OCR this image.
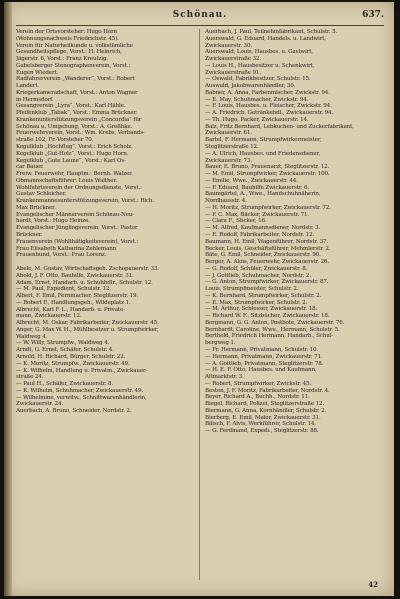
Schönau.	637.
Verein der Ortsvorsteher: Hugo Horn
(Wohnungsnachweis Friedrichstr. 45).
Verein für Naturheilkunde u. volkstümliche
Gesundheitspflege, Vorst.: H. Heinrich,
Jägerstr. 6, Vorst.: Franz Kreutzig.
Gabelsberger Stenographenverein, Vorst.:
Eugen Wiedert.
Radfahrerverein „Wanderer“, Vorst.: Robert
Landert.
Kriegerkameradschaft, Vorst.: Anton Wagner
in Hermsdorf.
Gesangverein „Lyra“, Vorst.: Karl Hähle.
Pfeifenklub „Tabak“, Vorst.: Emma Brückner.
Krankenunterstützungsverein „Concordia“ für
Schönau u. Umgebung, Vorst.: A. Greßhke.
Feuerwehrverein, Vorst.: Wm. Krebs, Verbands-
straße 102, Fr.-Vorsteher 70.
Kegelklub „Hochflug“, Vorst.: Erich Scholz.
Kegelklub „Gut-Holz“, Vorst.: Hugo Horn.
Kegelklub „Gute Laune“, Vorst.: Karl Os-
car Bauer.
Freiw. Feuerwehr, Hauptm.: Bernh. Walzer.
Obmannschaftsführer: Louis Walther.
Wohlfahrtsverein der Ordnungsdienste, Vorst.:
Gustav Schleicher.
Krankenmannesunterstützungsverein, Vorst.: Rich.
Max Brückner.
Evangelischer Männerverein Schönau-Neu-
hardt, Vorst.: Hugo Heinze.
Evangelischer Jünglingsverein, Vorst.: Pastor
Brückner.
Frauenverein (Wohlthätigkeitsverein), Vorst.:
Frau Elisabeth Katharina Zehlemann
Frauenbund, Vorst.: Frau Lorenz.
Abele, M. Gustav, Wirtschaftsgeh. Zschopauerstr. 33.
Abold, J. F. Otto, Bauhilfe, Zwickauerstr. 31.
Adam, Ernst, Handarb. u. Schuhhdlr., Schulstr. 12.
— M. Paul, Expedient, Schulstr. 12.
Albert, F. Emil, Fernmacher, Steglitzerstr. 19.
— Robert F., Handlungsgeh., Wildeplatz 1.
Albrecht, Karl F. L., Handarb. u. Private-
mann, Zwickauerstr. 12.
Albrecht, M. Oskar, Fabrikarbeiter, Zwickauerstr. 45.
Anger, G. Max W. H., Mühlbesitzer u. Strumpfwirker,
Waldweg 4.
— W. Willy, Strumpfw., Waldweg 4.
Arndt, G. Ernst, Schäfer, Schulstr. 4.
Arnold, H. Richard, Bürger, Schulstr. 22.
— K. Moritz, Strumpfw., Zwickauerstr. 49.
— K. Wilhelm, Handlung u. Privatm., Zwickauer-
straße 24.
— Paul H., Schäfer, Zwickauerstr. 8.
— K. Wilhelm, Schuhmacher, Zwickauerstr. 49.
— Wilhelmine, verwitw., Schnittwarenhändlerin,
Zwickauerstr. 24.
Auerbach, A. Bruno, Schneider, Nordstr. 2.
Auerbach, J. Paul, Teilnehmfabrikant, Schulstr. 5.
Auerswald, G. Eduard, Handels. u. Landwirt,
Zwickauerstr. 30.
Auerswald, Louis, Hausbes. u. Gastwirt,
Zwickauerstraße 32.
— Louis H., Hausbesitzer u. Schenkwirt,
Zwickauerstraße 91.
— Oswald, Fabrikbesitzer, Schulstr. 15.
Auswald, Jakobwarenhändler, 30.
Babner, A. Anna, Farbenmischer, Zwickstr. 94.
— E. May, Schuhmacher, Zwickstr. 94.
— F. Louis, Hausbes. u. Fleischer, Zwickstr. 94.
— A. Friedrich, Getränkehdl., Zwickauerstr. 94.
— Th. Hugo, Packer, Zwickauerstr. 14.
Balz, Fritz Bernhard, Lebkuchen- und Zuckerfabrikant,
Zwickauerstr. 61.
Bartel, F. Hermann, Strumpfwirkermeister,
Steglitzerstraße 12.
— A. Ulrich, Hausbes. und Friedensdiener,
Zwickauerstr. 73.
Bauer, E. Bruno, Frauenarzt, Steglitzerstr. 12.
— M. Emil, Strumpfwirker, Zwickauerstr. 100.
— Emilie, Wwe., Zwickauerstr. 44.
— F. Eduard, Bauhilfe Zwickauerstr. 6.
Baumgärtel, A., Wwe., Handschuhnäherin,
Nordhausstr. 4.
— H. Moritz, Strumpfwirker, Zwickauerstr. 72.
— F. C. Max, Bäcker, Zwickauerstr. 71.
— Clara F., Sticker, 16.
— M. Alfred, Kaufmannsdiener, Nordstr. 3.
— E. Rudolf, Fabrikarbeiter, Nordstr. 12.
Baumann, H. Emil, Wagenführer, Nordstr. 37.
Becker, Louis, Geschäftsführer, Mehmlerstr. 2.
Bäte, G. Emil, Schneider, Zwickauerstr. 90.
Berger, A. Alois, Feuerwehr, Zwickauerstr. 26.
— G. Rudolf, Schüler, Zwickauerstr. 8.
— J. Gottlieb, Schuhmacher, Nordstr. 2.
— G. Anton, Strumpfwirker, Zwickauerstr. 87.
Louis, Strumpfmeister, Schulstr. 2.
— K. Bernhard, Strumpfwirker, Schulstr. 2.
— E. Max, Strumpfwirker, Schulstr. 2.
— M. Arthur, Schlosser, Zwickauerstr. 18.
— Richard W. F., Sitzbücher, Zwickauerstr. 18.
Bergmann, G. G. Anton, Postbote, Zwickauerstr. 76.
Bernhardt, Caroline, Wwe., Hermann, Schulstr. 5.
Berthold, Friedrich Hermann, Handarb., Schul-
bergweg 1.
— Fr. Hermann, Privatmann, Schulstr. 10.
— Hermann, Privatmann, Zwickauerstr. 71.
— A. Gottlieb, Privatmann, Steglitzerstr. 78.
— H. E. F. Otto, Hausbes. und Kaufmann,
Altmarktstr. 3.
— Robert, Strumpfwirker, Zwickstr. 45.
Besten, J. F. Moritz, Fabrikarbeiter, Nordstr. 4.
Beyer, Richard A., Buchh., Nordstr. 11.
Biegel, Richard, Polizei, Steglitzerstraße 12.
Biermann, G. Anna, Kornhändler, Schulstr. 2.
Bierberg, E. Emil, Maler, Zwickauerstr. 31.
Bilisch, F. Alvis, Werkführer, Schulstr. 14.
— G. Ferdinand, Expedi., Steglitzerstr. 88.
42
